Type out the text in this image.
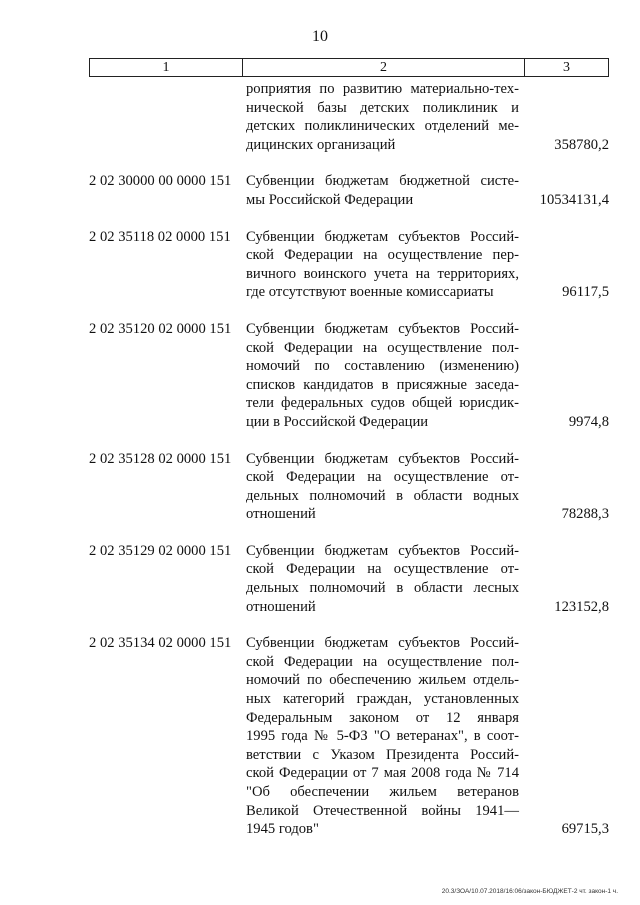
10
1	2	3
роприятия по развитию материально-тех-
нической базы детских поликлиник и
детских поликлинических отделений ме-
дицинских организаций	358780,2
2 02 30000 00 0000 151	Субвенции бюджетам бюджетной систе-
мы Российской Федерации	10534131,4
2 02 35118 02 0000 151	Субвенции бюджетам субъектов Россий-
ской Федерации на осуществление пер-
вичного воинского учета на территориях,
где отсутствуют военные комиссариаты	96117,5
2 02 35120 02 0000 151	Субвенции бюджетам субъектов Россий-
ской Федерации на осуществление пол-
номочий по составлению (изменению)
списков кандидатов в присяжные заседа-
тели федеральных судов общей юрисдик-
ции в Российской Федерации	9974,8
2 02 35128 02 0000 151	Субвенции бюджетам субъектов Россий-
ской Федерации на осуществление от-
дельных полномочий в области водных
отношений	78288,3
2 02 35129 02 0000 151	Субвенции бюджетам субъектов Россий-
ской Федерации на осуществление от-
дельных полномочий в области лесных
отношений	123152,8
2 02 35134 02 0000 151	Субвенции бюджетам субъектов Россий-
ской Федерации на осуществление пол-
номочий по обеспечению жильем отдель-
ных категорий граждан, установленных
Федеральным законом от 12 января
1995 года № 5-ФЗ "О ветеранах", в соот-
ветствии с Указом Президента Россий-
ской Федерации от 7 мая 2008 года № 714
"Об обеспечении жильем ветеранов
Великой Отечественной войны 1941—
1945 годов"	69715,3
20.3/ЗОА/10.07.2018/16:06/закон-БЮДЖЕТ-2 чт. закон-1 ч.
